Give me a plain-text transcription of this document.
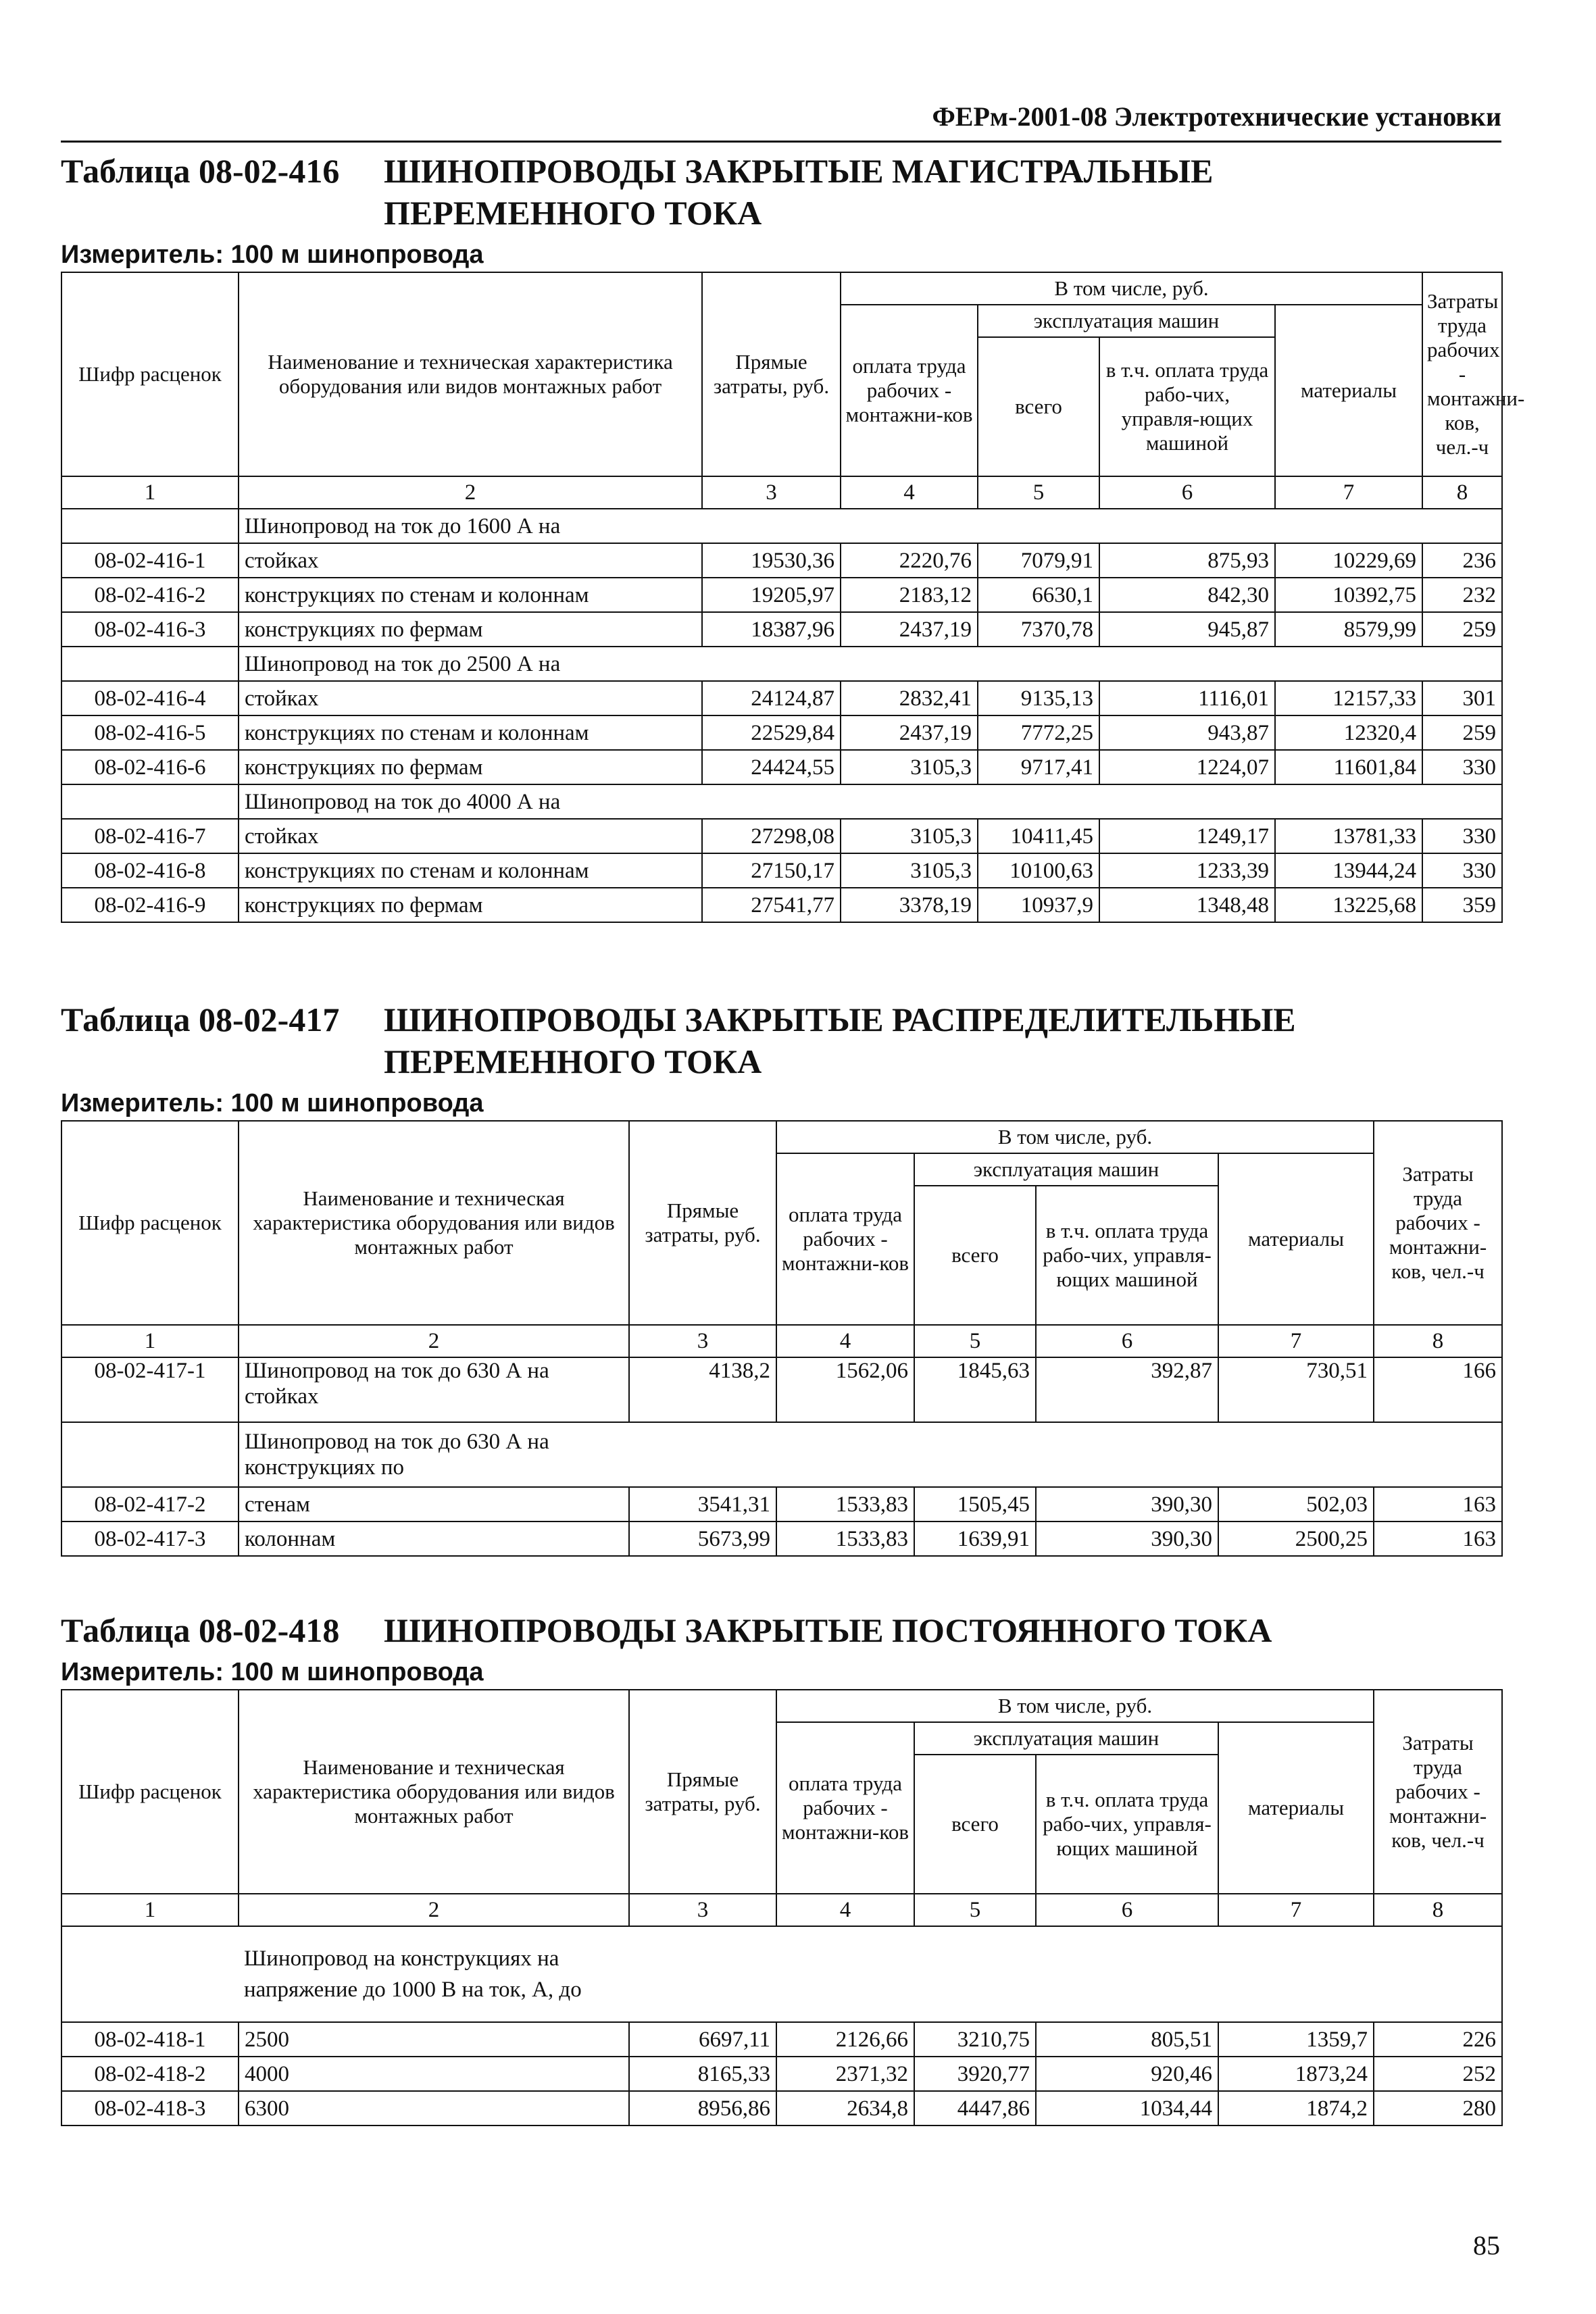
ФЕРм-2001-08 Электротехнические установки
Таблица 08-02-416 ШИНОПРОВОДЫ ЗАКРЫТЫЕ МАГИСТРАЛЬНЫЕ ПЕРЕМЕННОГО ТОКА
Измеритель: 100 м шинопровода
Шифр расценок	Наименование и техническая характеристика оборудования или видов монтажных работ	Прямые затраты, руб.	В том числе, руб.				Затраты труда рабочих - монтажни-ков, чел.-ч
			оплата труда рабочих - монтажни-ков	эксплуатация машин		материалы	
				всего	в т.ч. оплата труда рабо-чих, управля-ющих машиной		
1	2	3	4	5	6	7	8
	Шинопровод на ток до 1600 А на						
08-02-416-1	стойках	19530,36	2220,76	7079,91	875,93	10229,69	236
08-02-416-2	конструкциях по стенам и колоннам	19205,97	2183,12	6630,1	842,30	10392,75	232
08-02-416-3	конструкциях по фермам	18387,96	2437,19	7370,78	945,87	8579,99	259
	Шинопровод на ток до 2500 А на						
08-02-416-4	стойках	24124,87	2832,41	9135,13	1116,01	12157,33	301
08-02-416-5	конструкциях по стенам и колоннам	22529,84	2437,19	7772,25	943,87	12320,4	259
08-02-416-6	конструкциях по фермам	24424,55	3105,3	9717,41	1224,07	11601,84	330
	Шинопровод на ток до 4000 А на						
08-02-416-7	стойках	27298,08	3105,3	10411,45	1249,17	13781,33	330
08-02-416-8	конструкциях по стенам и колоннам	27150,17	3105,3	10100,63	1233,39	13944,24	330
08-02-416-9	конструкциях по фермам	27541,77	3378,19	10937,9	1348,48	13225,68	359
Таблица 08-02-417 ШИНОПРОВОДЫ ЗАКРЫТЫЕ РАСПРЕДЕЛИТЕЛЬНЫЕ ПЕРЕМЕННОГО ТОКА
Измеритель: 100 м шинопровода
Шифр расценок	Наименование и техническая характеристика оборудования или видов монтажных работ	Прямые затраты, руб.	В том числе, руб.				Затраты труда рабочих - монтажни-ков, чел.-ч
			оплата труда рабочих - монтажни-ков	эксплуатация машин		материалы	
				всего	в т.ч. оплата труда рабо-чих, управля-ющих машиной		
1	2	3	4	5	6	7	8
08-02-417-1	Шинопровод на ток до 630 А на стойках	4138,2	1562,06	1845,63	392,87	730,51	166
	Шинопровод на ток до 630 А на конструкциях по						
08-02-417-2	стенам	3541,31	1533,83	1505,45	390,30	502,03	163
08-02-417-3	колоннам	5673,99	1533,83	1639,91	390,30	2500,25	163
Таблица 08-02-418 ШИНОПРОВОДЫ ЗАКРЫТЫЕ ПОСТОЯННОГО ТОКА
Измеритель: 100 м шинопровода
Шифр расценок	Наименование и техническая характеристика оборудования или видов монтажных работ	Прямые затраты, руб.	В том числе, руб.				Затраты труда рабочих - монтажни-ков, чел.-ч
			оплата труда рабочих - монтажни-ков	эксплуатация машин		материалы	
				всего	в т.ч. оплата труда рабо-чих, управля-ющих машиной		
1	2	3	4	5	6	7	8
	Шинопровод на конструкциях на напряжение до 1000 В на ток, А, до						
08-02-418-1	2500	6697,11	2126,66	3210,75	805,51	1359,7	226
08-02-418-2	4000	8165,33	2371,32	3920,77	920,46	1873,24	252
08-02-418-3	6300	8956,86	2634,8	4447,86	1034,44	1874,2	280
85
